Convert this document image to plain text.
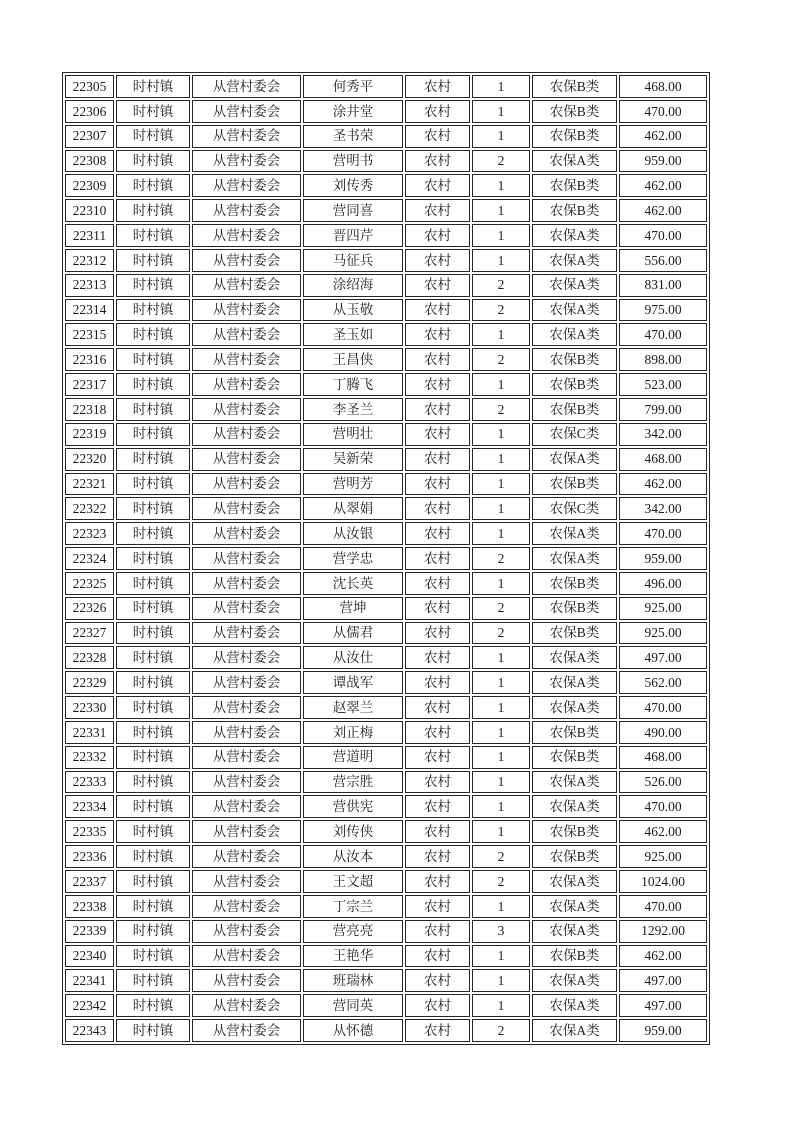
22305	时村镇	从营村委会	何秀平	农村	1	农保B类	468.00
22306	时村镇	从营村委会	涂井堂	农村	1	农保B类	470.00
22307	时村镇	从营村委会	圣书荣	农村	1	农保B类	462.00
22308	时村镇	从营村委会	营明书	农村	2	农保A类	959.00
22309	时村镇	从营村委会	刘传秀	农村	1	农保B类	462.00
22310	时村镇	从营村委会	营同喜	农村	1	农保B类	462.00
22311	时村镇	从营村委会	晋四芹	农村	1	农保A类	470.00
22312	时村镇	从营村委会	马征兵	农村	1	农保A类	556.00
22313	时村镇	从营村委会	涂绍海	农村	2	农保A类	831.00
22314	时村镇	从营村委会	从玉敬	农村	2	农保A类	975.00
22315	时村镇	从营村委会	圣玉如	农村	1	农保A类	470.00
22316	时村镇	从营村委会	王昌侠	农村	2	农保B类	898.00
22317	时村镇	从营村委会	丁腾飞	农村	1	农保B类	523.00
22318	时村镇	从营村委会	李圣兰	农村	2	农保B类	799.00
22319	时村镇	从营村委会	营明壮	农村	1	农保C类	342.00
22320	时村镇	从营村委会	吴新荣	农村	1	农保A类	468.00
22321	时村镇	从营村委会	营明芳	农村	1	农保B类	462.00
22322	时村镇	从营村委会	从翠娟	农村	1	农保C类	342.00
22323	时村镇	从营村委会	从汝银	农村	1	农保A类	470.00
22324	时村镇	从营村委会	营学忠	农村	2	农保A类	959.00
22325	时村镇	从营村委会	沈长英	农村	1	农保B类	496.00
22326	时村镇	从营村委会	营坤	农村	2	农保B类	925.00
22327	时村镇	从营村委会	从儒君	农村	2	农保B类	925.00
22328	时村镇	从营村委会	从汝仕	农村	1	农保A类	497.00
22329	时村镇	从营村委会	谭战军	农村	1	农保A类	562.00
22330	时村镇	从营村委会	赵翠兰	农村	1	农保A类	470.00
22331	时村镇	从营村委会	刘正梅	农村	1	农保B类	490.00
22332	时村镇	从营村委会	营道明	农村	1	农保B类	468.00
22333	时村镇	从营村委会	营宗胜	农村	1	农保A类	526.00
22334	时村镇	从营村委会	营供宪	农村	1	农保A类	470.00
22335	时村镇	从营村委会	刘传侠	农村	1	农保B类	462.00
22336	时村镇	从营村委会	从汝本	农村	2	农保B类	925.00
22337	时村镇	从营村委会	王文超	农村	2	农保A类	1024.00
22338	时村镇	从营村委会	丁宗兰	农村	1	农保A类	470.00
22339	时村镇	从营村委会	营亮亮	农村	3	农保A类	1292.00
22340	时村镇	从营村委会	王艳华	农村	1	农保B类	462.00
22341	时村镇	从营村委会	班瑞林	农村	1	农保A类	497.00
22342	时村镇	从营村委会	营同英	农村	1	农保A类	497.00
22343	时村镇	从营村委会	从怀德	农村	2	农保A类	959.00
